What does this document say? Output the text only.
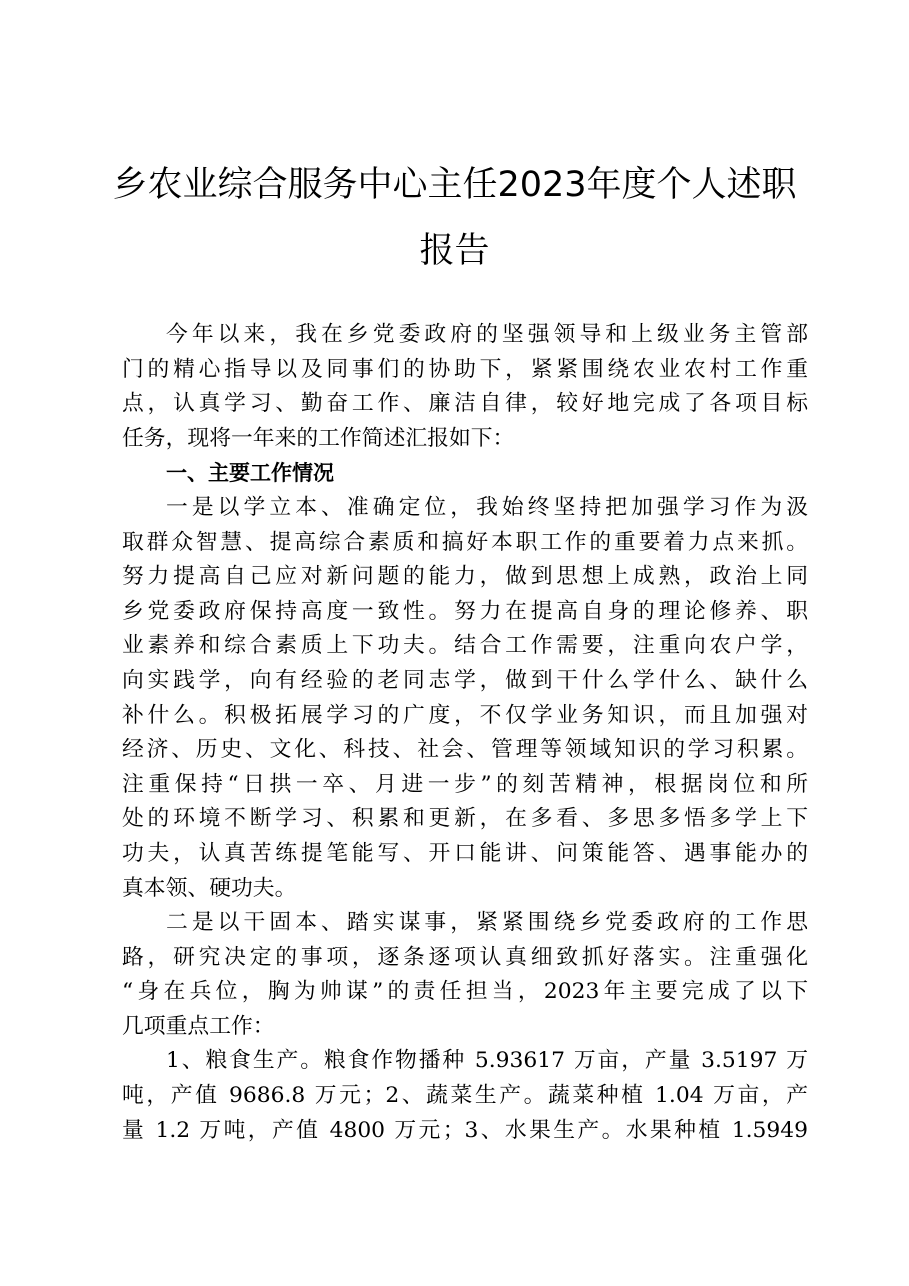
乡农业综合服务中心主任2023年度个人述职
报告
今年以来，我在乡党委政府的坚强领导和上级业务主管部
门的精心指导以及同事们的协助下，紧紧围绕农业农村工作重
点，认真学习、勤奋工作、廉洁自律，较好地完成了各项目标
任务，现将一年来的工作简述汇报如下：
一、主要工作情况
一是以学立本、准确定位，我始终坚持把加强学习作为汲
取群众智慧、提高综合素质和搞好本职工作的重要着力点来抓。
努力提高自己应对新问题的能力，做到思想上成熟，政治上同
乡党委政府保持高度一致性。努力在提高自身的理论修养、职
业素养和综合素质上下功夫。结合工作需要，注重向农户学，
向实践学，向有经验的老同志学，做到干什么学什么、缺什么
补什么。积极拓展学习的广度，不仅学业务知识，而且加强对
经济、历史、文化、科技、社会、管理等领域知识的学习积累。
注重保持“日拱一卒、月进一步”的刻苦精神，根据岗位和所
处的环境不断学习、积累和更新，在多看、多思多悟多学上下
功夫，认真苦练提笔能写、开口能讲、问策能答、遇事能办的
真本领、硬功夫。
二是以干固本、踏实谋事，紧紧围绕乡党委政府的工作思
路，研究决定的事项，逐条逐项认真细致抓好落实。注重强化
“身在兵位，胸为帅谋”的责任担当，2023年主要完成了以下
几项重点工作：
1、粮食生产。粮食作物播种 5.93617 万亩，产量 3.5197 万
吨，产值 9686.8 万元；2、蔬菜生产。蔬菜种植 1.04 万亩，产
量 1.2 万吨，产值 4800 万元；3、水果生产。水果种植 1.5949
